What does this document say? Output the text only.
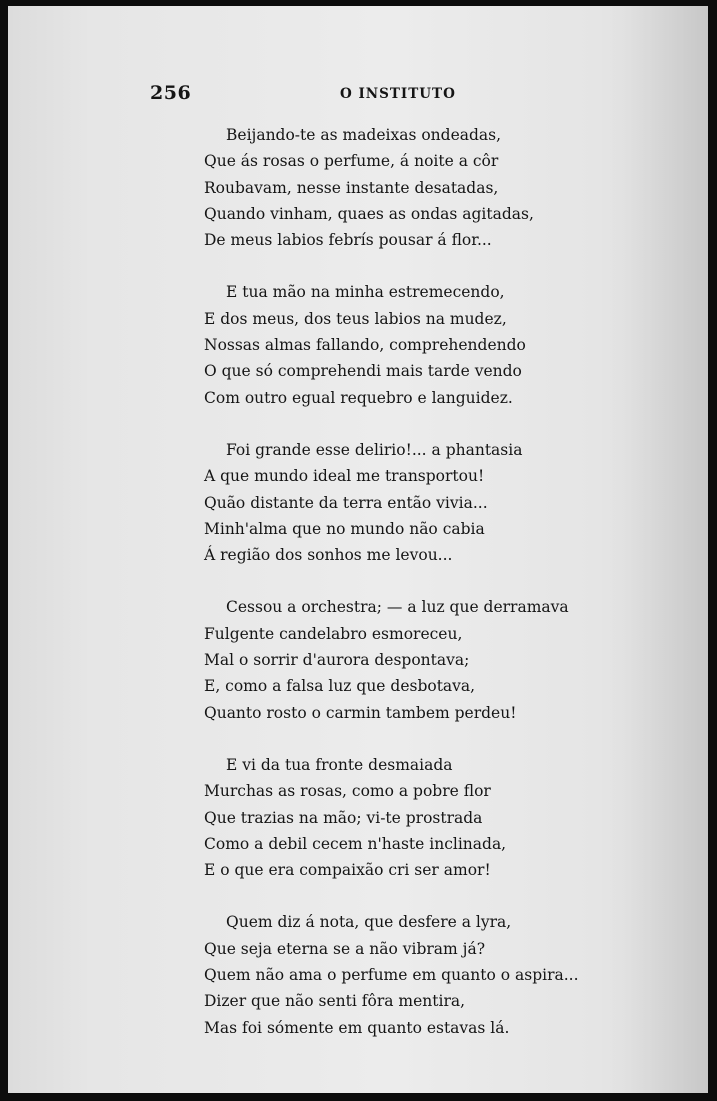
256	O INSTITUTO
Beijando-te as madeixas ondeadas,
Que ás rosas o perfume, á noite a côr
Roubavam, nesse instante desatadas,
Quando vinham, quaes as ondas agitadas,
De meus labios febrís pousar á flor...
E tua mão na minha estremecendo,
E dos meus, dos teus labios na mudez,
Nossas almas fallando, comprehendendo
O que só comprehendi mais tarde vendo
Com outro egual requebro e languidez.
Foi grande esse delirio!... a phantasia
A que mundo ideal me transportou!
Quão distante da terra então vivia...
Minh'alma que no mundo não cabia
Á região dos sonhos me levou...
Cessou a orchestra; — a luz que derramava
Fulgente candelabro esmoreceu,
Mal o sorrir d'aurora despontava;
E, como a falsa luz que desbotava,
Quanto rosto o carmin tambem perdeu!
E vi da tua fronte desmaiada
Murchas as rosas, como a pobre flor
Que trazias na mão; vi-te prostrada
Como a debil cecem n'haste inclinada,
E o que era compaixão cri ser amor!
Quem diz á nota, que desfere a lyra,
Que seja eterna se a não vibram já?
Quem não ama o perfume em quanto o aspira...
Dizer que não senti fôra mentira,
Mas foi sómente em quanto estavas lá.
